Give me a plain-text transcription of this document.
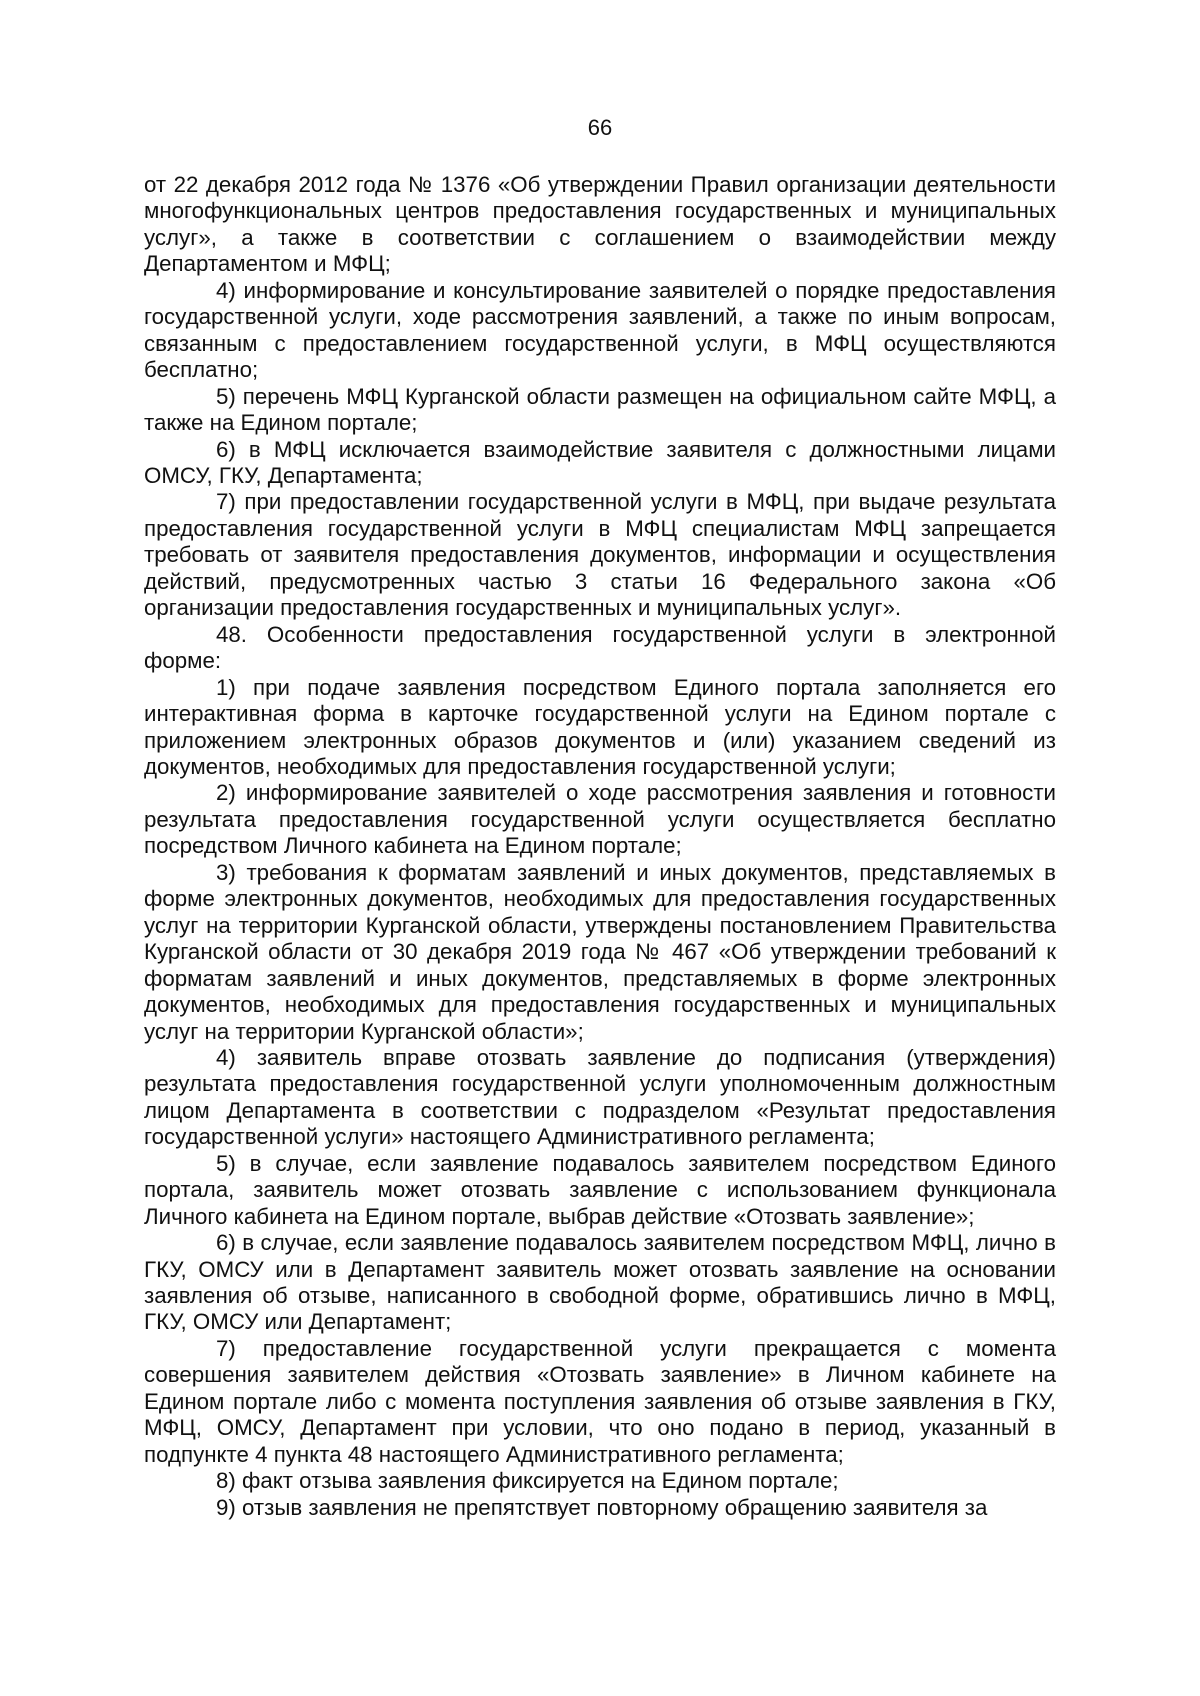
66

от 22 декабря 2012 года № 1376 «Об утверждении Правил организации деятельности многофункциональных центров предоставления государственных и муниципальных услуг», а также в соответствии с соглашением о взаимодействии между Департаментом и МФЦ;

4) информирование и консультирование заявителей о порядке предоставления государственной услуги, ходе рассмотрения заявлений, а также по иным вопросам, связанным с предоставлением государственной услуги, в МФЦ осуществляются бесплатно;

5) перечень МФЦ Курганской области размещен на официальном сайте МФЦ, а также на Едином портале;

6) в МФЦ исключается взаимодействие заявителя с должностными лицами ОМСУ, ГКУ, Департамента;

7) при предоставлении государственной услуги в МФЦ, при выдаче результата предоставления государственной услуги в МФЦ специалистам МФЦ запрещается требовать от заявителя предоставления документов, информации и осуществления действий, предусмотренных частью 3 статьи 16 Федерального закона «Об организации предоставления государственных и муниципальных услуг».

48. Особенности предоставления государственной услуги в электронной форме:

1) при подаче заявления посредством Единого портала заполняется его интерактивная форма в карточке государственной услуги на Едином портале с приложением электронных образов документов и (или) указанием сведений из документов, необходимых для предоставления государственной услуги;

2) информирование заявителей о ходе рассмотрения заявления и готовности результата предоставления государственной услуги осуществляется бесплатно посредством Личного кабинета на Едином портале;

3) требования к форматам заявлений и иных документов, представляемых в форме электронных документов, необходимых для предоставления государственных услуг на территории Курганской области, утверждены постановлением Правительства Курганской области от 30 декабря 2019 года № 467 «Об утверждении требований к форматам заявлений и иных документов, представляемых в форме электронных документов, необходимых для предоставления государственных и муниципальных услуг на территории Курганской области»;

4) заявитель вправе отозвать заявление до подписания (утверждения) результата предоставления государственной услуги уполномоченным должностным лицом Департамента в соответствии с подразделом «Результат предоставления государственной услуги» настоящего Административного регламента;

5) в случае, если заявление подавалось заявителем посредством Единого портала, заявитель может отозвать заявление с использованием функционала Личного кабинета на Едином портале, выбрав действие «Отозвать заявление»;

6) в случае, если заявление подавалось заявителем посредством МФЦ, лично в ГКУ, ОМСУ или в Департамент заявитель может отозвать заявление на основании заявления об отзыве, написанного в свободной форме, обратившись лично в МФЦ, ГКУ, ОМСУ или Департамент;

7) предоставление государственной услуги прекращается с момента совершения заявителем действия «Отозвать заявление» в Личном кабинете на Едином портале либо с момента поступления заявления об отзыве заявления в ГКУ, МФЦ, ОМСУ, Департамент при условии, что оно подано в период, указанный в подпункте 4 пункта 48 настоящего Административного регламента;

8) факт отзыва заявления фиксируется на Едином портале;

9) отзыв заявления не препятствует повторному обращению заявителя за
